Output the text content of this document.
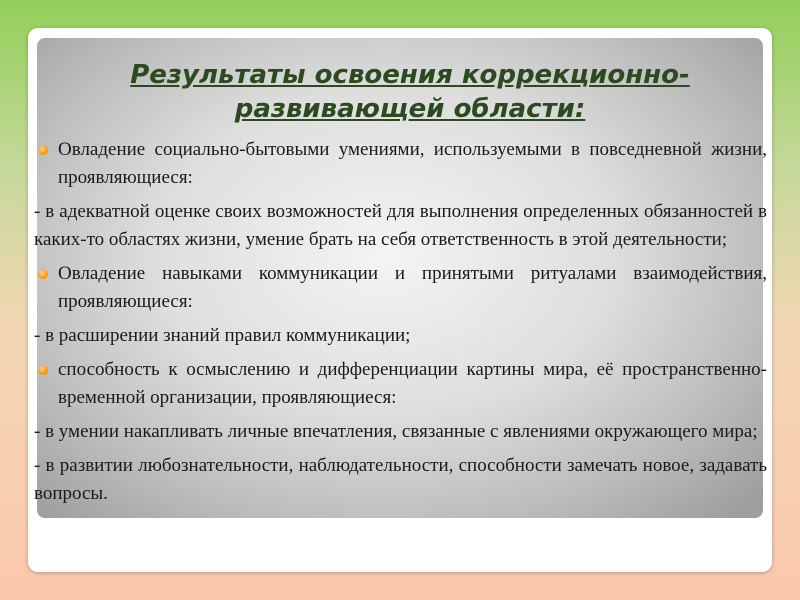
Результаты освоения коррекционно-развивающей области:

Овладение социально-бытовыми умениями, используемыми в повседневной жизни, проявляющиеся:

- в адекватной оценке своих возможностей для выполнения определенных обязанностей в каких-то областях жизни, умение брать на себя ответственность в этой деятельности;

Овладение навыками коммуникации и принятыми ритуалами взаимодействия, проявляющиеся:

- в расширении знаний правил коммуникации;

способность к осмыслению и дифференциации картины мира, её пространственно-временной организации, проявляющиеся:

- в умении накапливать личные впечатления, связанные с явлениями окружающего мира;

- в развитии любознательности, наблюдательности, способности замечать новое, задавать вопросы.
